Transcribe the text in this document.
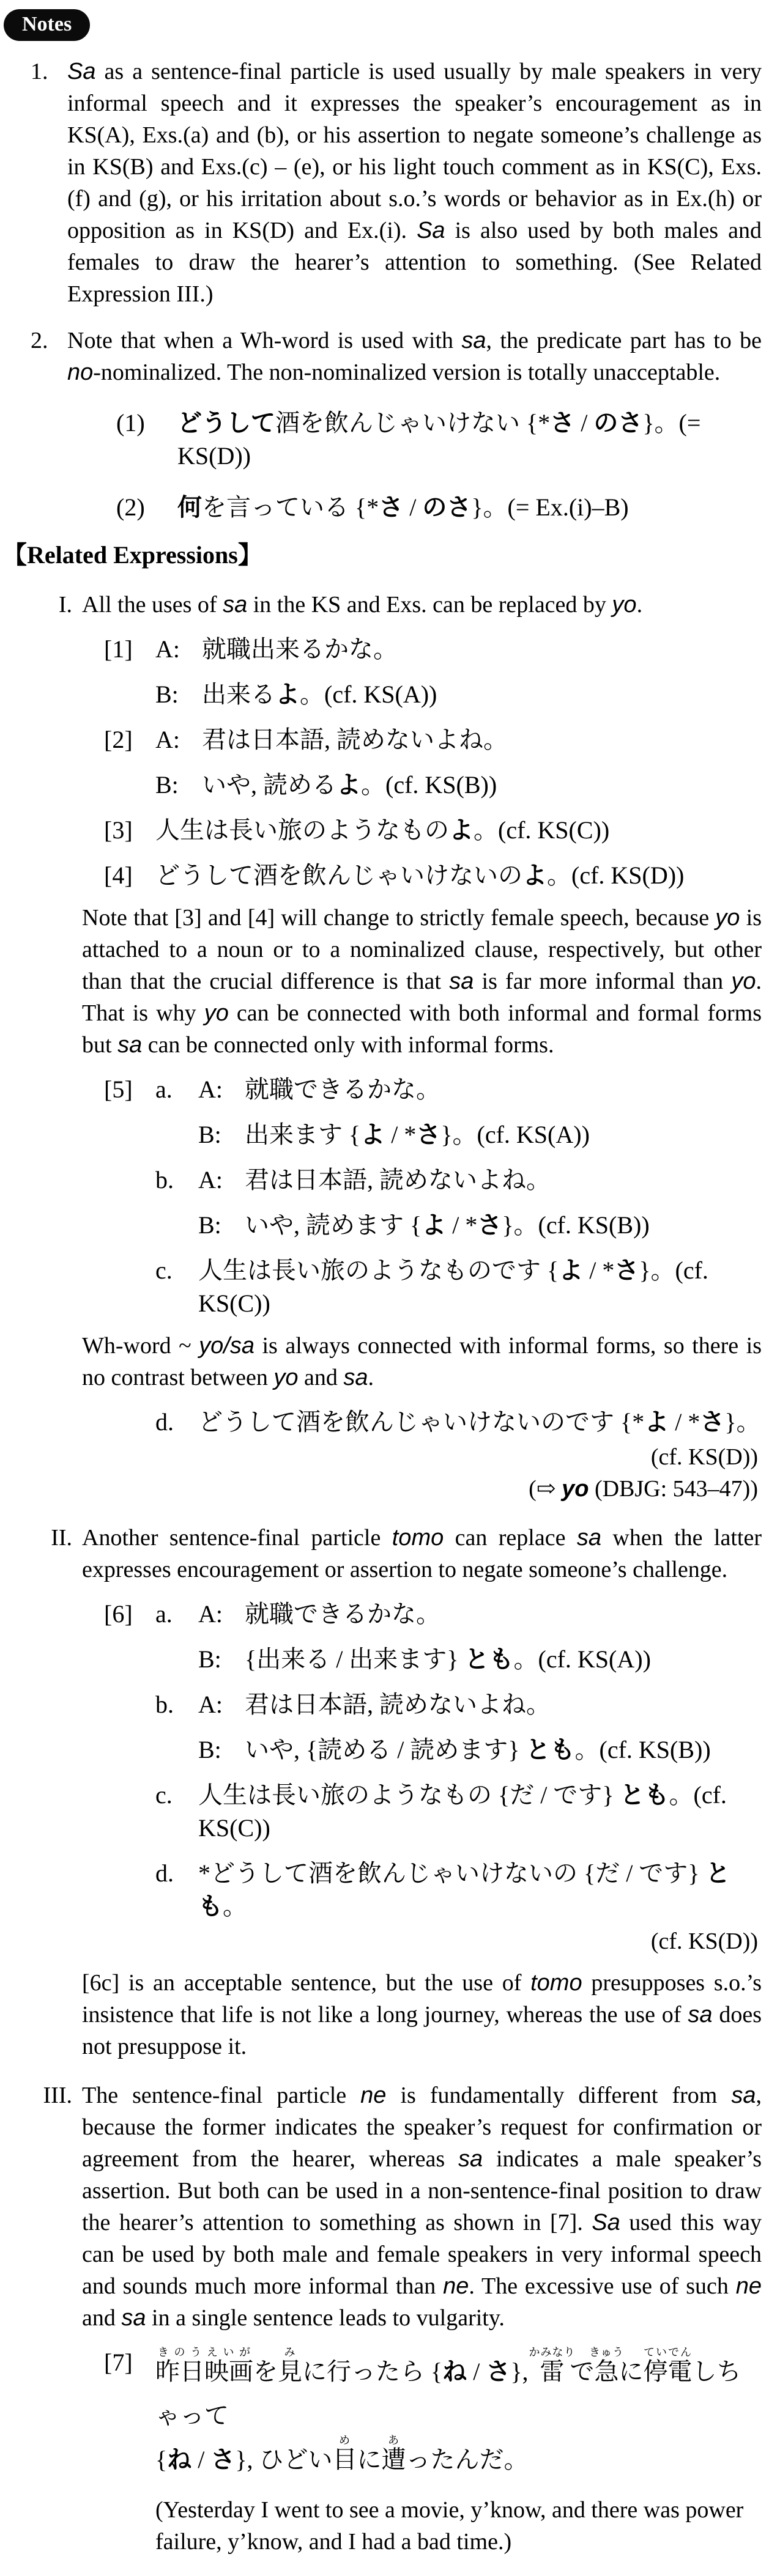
Notes
1. Sa as a sentence-final particle is used usually by male speakers in very informal speech and it expresses the speaker’s encouragement as in KS(A), Exs.(a) and (b), or his assertion to negate someone’s challenge as in KS(B) and Exs.(c) – (e), or his light touch comment as in KS(C), Exs.(f) and (g), or his irritation about s.o.’s words or behavior as in Ex.(h) or opposition as in KS(D) and Ex.(i). Sa is also used by both males and females to draw the hearer’s attention to something. (See Related Expression III.)
2. Note that when a Wh-word is used with sa, the predicate part has to be no-nominalized. The non-nominalized version is totally unacceptable.
(1)	どうして酒を飲んじゃいけない {*さ / のさ}。(= KS(D))
(2)	何を言っている {*さ / のさ}。(= Ex.(i)–B)
【Related Expressions】
I. All the uses of sa in the KS and Exs. can be replaced by yo.
[1] A: 就職出来るかな。
B: 出来るよ。(cf. KS(A))
[2] A: 君は日本語, 読めないよね。
B: いや, 読めるよ。(cf. KS(B))
[3] 人生は長い旅のようなものよ。(cf. KS(C))
[4] どうして酒を飲んじゃいけないのよ。(cf. KS(D))
Note that [3] and [4] will change to strictly female speech, because yo is attached to a noun or to a nominalized clause, respectively, but other than that the crucial difference is that sa is far more informal than yo. That is why yo can be connected with both informal and formal forms but sa can be connected only with informal forms.
[5] a.	A: 就職できるかな。
B: 出来ます {よ / *さ}。(cf. KS(A))
b.	A: 君は日本語, 読めないよね。
B: いや, 読めます {よ / *さ}。(cf. KS(B))
c.	人生は長い旅のようなものです {よ / *さ}。(cf. KS(C))
Wh-word ~ yo/sa is always connected with informal forms, so there is no contrast between yo and sa.
d.	どうして酒を飲んじゃいけないのです {*よ / *さ}。
(cf. KS(D))
(⇨ yo (DBJG: 543–47))
II. Another sentence-final particle tomo can replace sa when the latter expresses encouragement or assertion to negate someone’s challenge.
[6] a.	A: 就職できるかな。
B: {出来る / 出来ます} とも。(cf. KS(A))
b.	A: 君は日本語, 読めないよね。
B: いや, {読める / 読めます} とも。(cf. KS(B))
c.	人生は長い旅のようなもの {だ / です} とも。(cf. KS(C))
d.	*どうして酒を飲んじゃいけないの {だ / です} とも。
(cf. KS(D))
[6c] is an acceptable sentence, but the use of tomo presupposes s.o.’s insistence that life is not like a long journey, whereas the use of sa does not presuppose it.
III. The sentence-final particle ne is fundamentally different from sa, because the former indicates the speaker’s request for confirmation or agreement from the hearer, whereas sa indicates a male speaker’s assertion. But both can be used in a non-sentence-final position to draw the hearer’s attention to something as shown in [7]. Sa used this way can be used by both male and female speakers in very informal speech and sounds much more informal than ne. The excessive use of such ne and sa in a single sentence leads to vulgarity.
[7] 昨日きのう映画えいがを見みに行ったら {ね / さ}, 雷かみなりで急きゅうに停電ていでんしちゃって
{ね / さ}, ひどい目めに遭あったんだ。
(Yesterday I went to see a movie, y’know, and there was power failure, y’know, and I had a bad time.)
